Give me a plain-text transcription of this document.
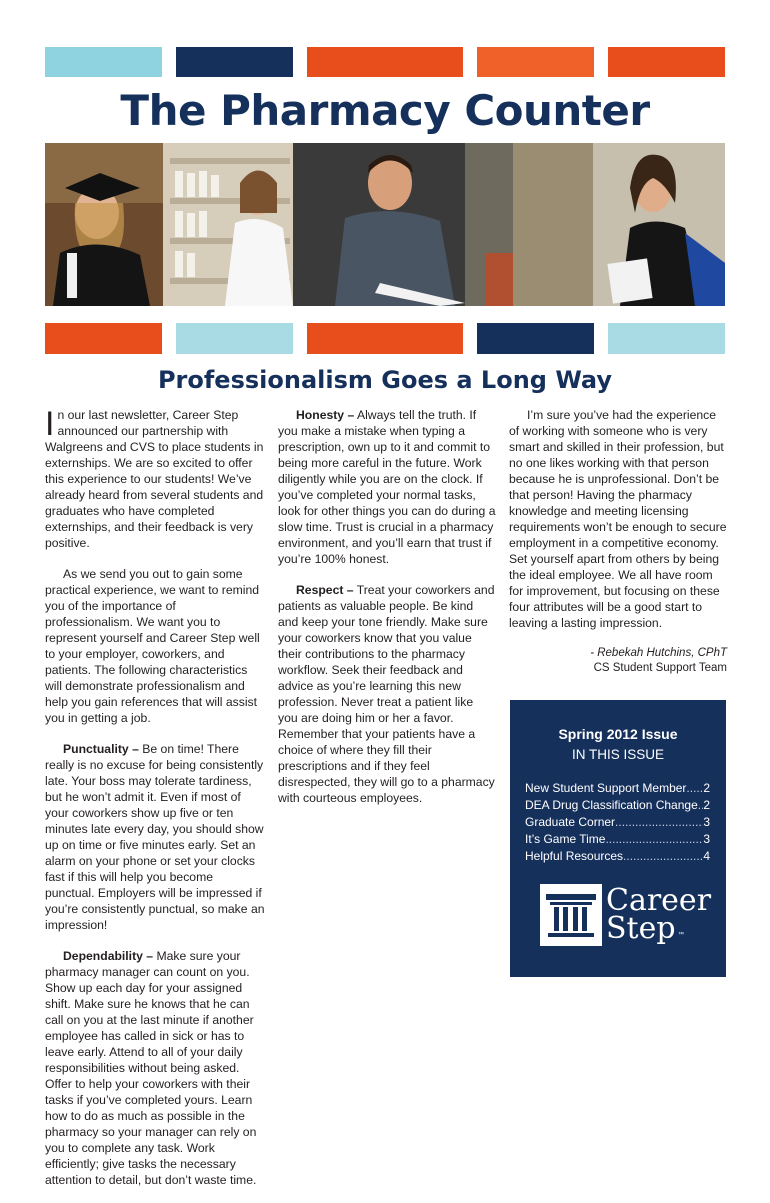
The Pharmacy Counter
Professionalism Goes a Long Way

In our last newsletter, Career Step announced our partnership with Walgreens and CVS to place students in externships. We are so excited to offer this experience to our students! We’ve already heard from several students and graduates who have completed externships, and their feedback is very positive.

As we send you out to gain some practical experience, we want to remind you of the importance of professionalism. We want you to represent yourself and Career Step well to your employer, coworkers, and patients. The following characteristics will demonstrate professionalism and help you gain references that will assist you in getting a job.

Punctuality – Be on time! There really is no excuse for being consistently late. Your boss may tolerate tardiness, but he won’t admit it. Even if most of your coworkers show up five or ten minutes late every day, you should show up on time or five minutes early. Set an alarm on your phone or set your clocks fast if this will help you become punctual. Employers will be impressed if you’re consistently punctual, so make an impression!

Dependability – Make sure your pharmacy manager can count on you. Show up each day for your assigned shift. Make sure he knows that he can call on you at the last minute if another employee has called in sick or has to leave early. Attend to all of your daily responsibilities without being asked. Offer to help your coworkers with their tasks if you’ve completed yours. Learn how to do as much as possible in the pharmacy so your manager can rely on you to complete any task. Work efficiently; give tasks the necessary attention to detail, but don’t waste time.

Honesty – Always tell the truth. If you make a mistake when typing a prescription, own up to it and commit to being more careful in the future. Work diligently while you are on the clock. If you’ve completed your normal tasks, look for other things you can do during a slow time. Trust is crucial in a pharmacy environment, and you’ll earn that trust if you’re 100% honest.

Respect – Treat your coworkers and patients as valuable people. Be kind and keep your tone friendly. Make sure your coworkers know that you value their contributions to the pharmacy workflow. Seek their feedback and advice as you’re learning this new profession. Never treat a patient like you are doing him or her a favor. Remember that your patients have a choice of where they fill their prescriptions and if they feel disrespected, they will go to a pharmacy with courteous employees.

I’m sure you’ve had the experience of working with someone who is very smart and skilled in their profession, but no one likes working with that person because he is unprofessional. Don’t be that person! Having the pharmacy knowledge and meeting licensing requirements won’t be enough to secure employment in a competitive economy. Set yourself apart from others by being the ideal employee. We all have room for improvement, but focusing on these four attributes will be a good start to leaving a lasting impression.

- Rebekah Hutchins, CPhT
CS Student Support Team
Spring 2012 Issue
IN THIS ISSUE
New Student Support Member ..... 2
DEA Drug Classification Change ..... 2
Graduate Corner .....	3
It’s Game Time .....	3
Helpful Resources .....	4
Career
Step ™
